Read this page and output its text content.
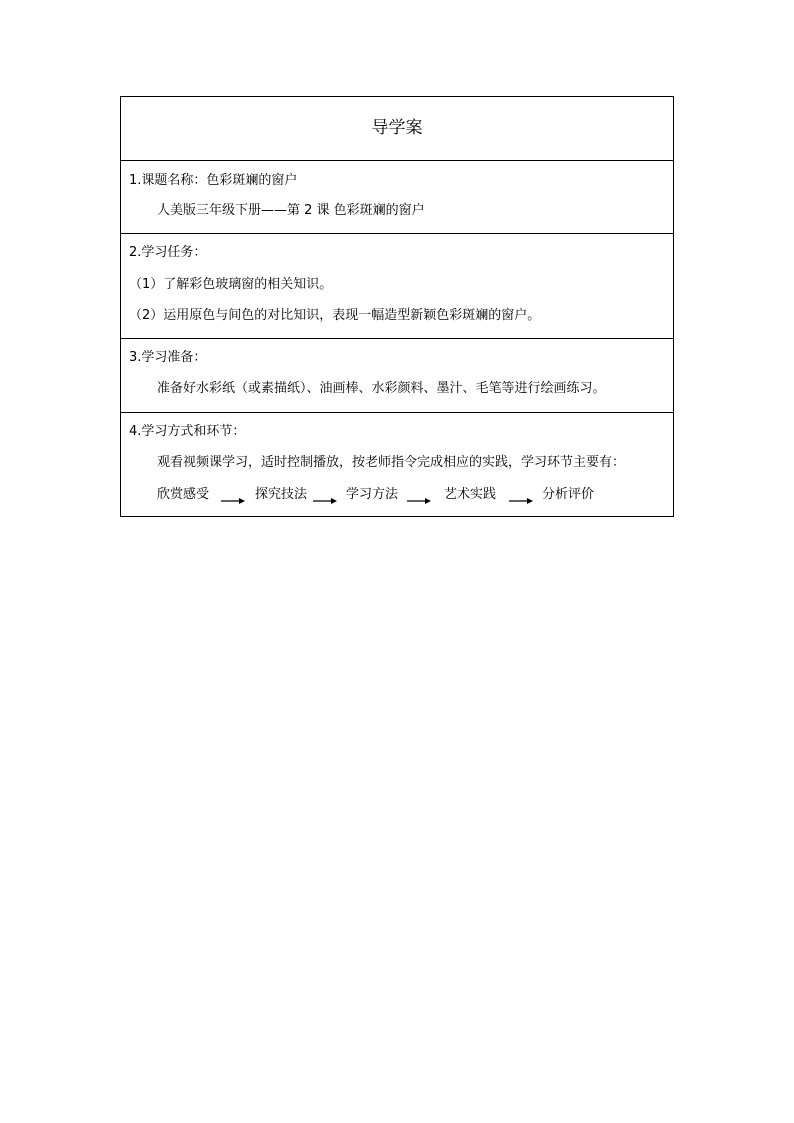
导学案
1.课题名称：色彩斑斓的窗户
人美版三年级下册——第 2 课 色彩斑斓的窗户
2.学习任务：
（1）了解彩色玻璃窗的相关知识。
（2）运用原色与间色的对比知识，表现一幅造型新颖色彩斑斓的窗户。
3.学习准备：
准备好水彩纸（或素描纸）、油画棒、水彩颜料、墨汁、毛笔等进行绘画练习。
4.学习方式和环节：
观看视频课学习，适时控制播放，按老师指令完成相应的实践，学习环节主要有：
欣赏感受	探究技法	学习方法	艺术实践	分析评价
